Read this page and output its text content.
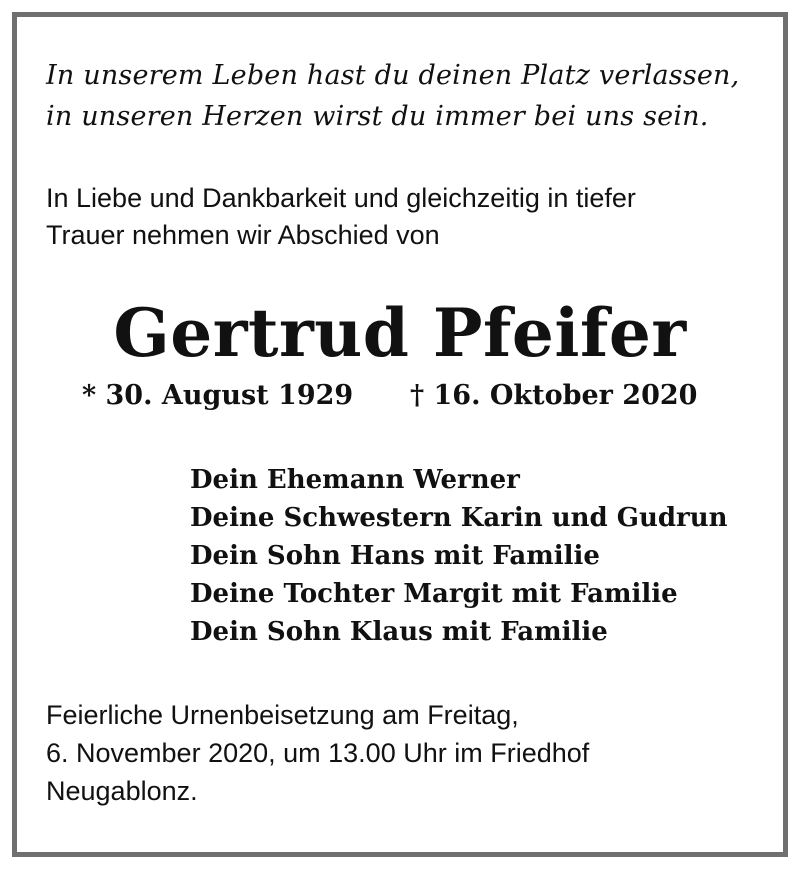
In unserem Leben hast du deinen Platz verlassen,

in unseren Herzen wirst du immer bei uns sein.

In Liebe und Dankbarkeit und gleichzeitig in tiefer

Trauer nehmen wir Abschied von

Gertrud Pfeifer

* 30. August 1929 † 16. Oktober 2020

Dein Ehemann Werner

Deine Schwestern Karin und Gudrun

Dein Sohn Hans mit Familie

Deine Tochter Margit mit Familie

Dein Sohn Klaus mit Familie

Feierliche Urnenbeisetzung am Freitag,

6. November 2020, um 13.00 Uhr im Friedhof

Neugablonz.
